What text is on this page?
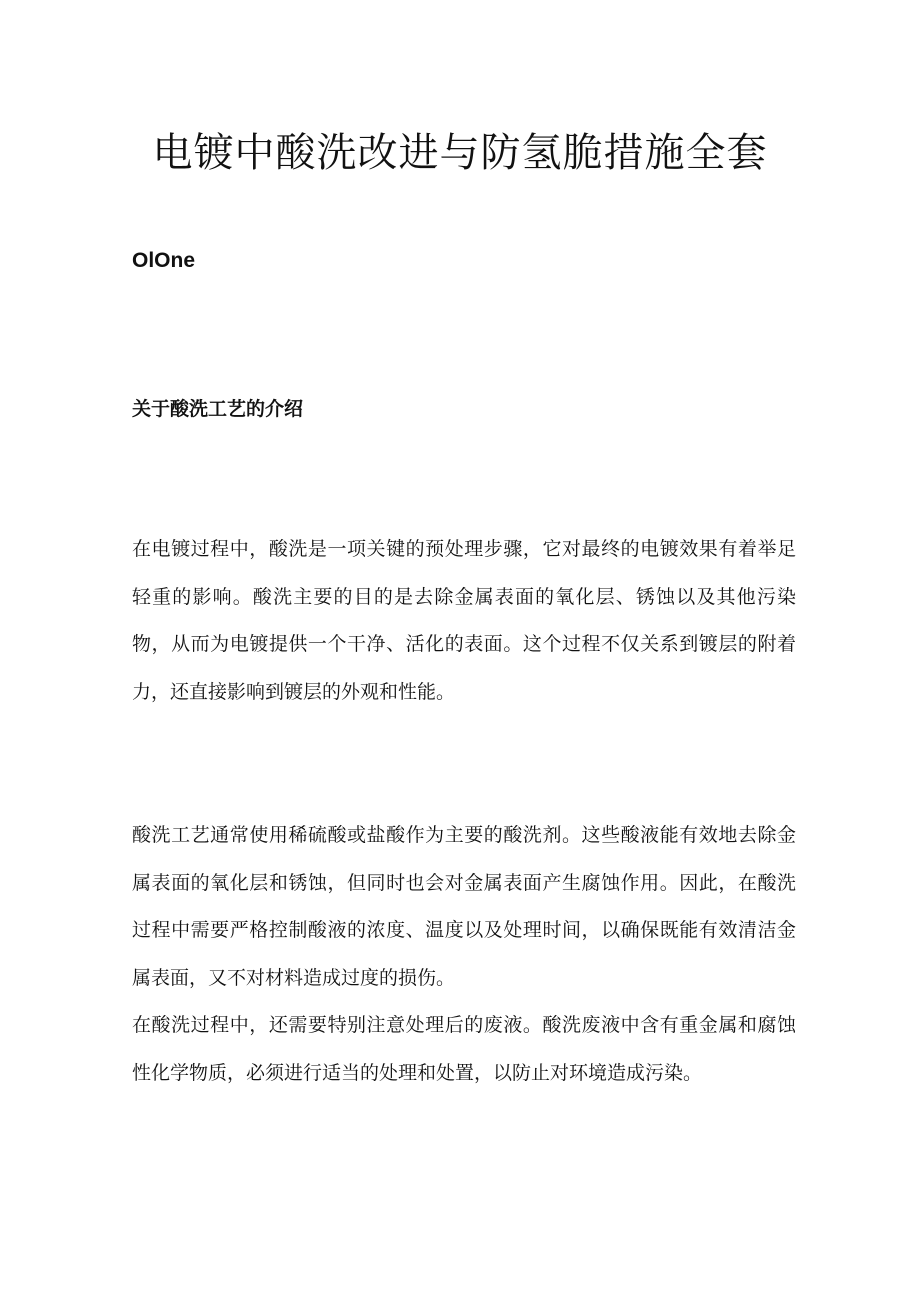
电镀中酸洗改进与防氢脆措施全套
OlOne
关于酸洗工艺的介绍

在电镀过程中，酸洗是一项关键的预处理步骤，它对最终的电镀效果有着举足轻重的影响。酸洗主要的目的是去除金属表面的氧化层、锈蚀以及其他污染物，从而为电镀提供一个干净、活化的表面。这个过程不仅关系到镀层的附着力，还直接影响到镀层的外观和性能。

酸洗工艺通常使用稀硫酸或盐酸作为主要的酸洗剂。这些酸液能有效地去除金属表面的氧化层和锈蚀，但同时也会对金属表面产生腐蚀作用。因此，在酸洗过程中需要严格控制酸液的浓度、温度以及处理时间，以确保既能有效清洁金属表面，又不对材料造成过度的损伤。

在酸洗过程中，还需要特别注意处理后的废液。酸洗废液中含有重金属和腐蚀性化学物质，必须进行适当的处理和处置，以防止对环境造成污染。
